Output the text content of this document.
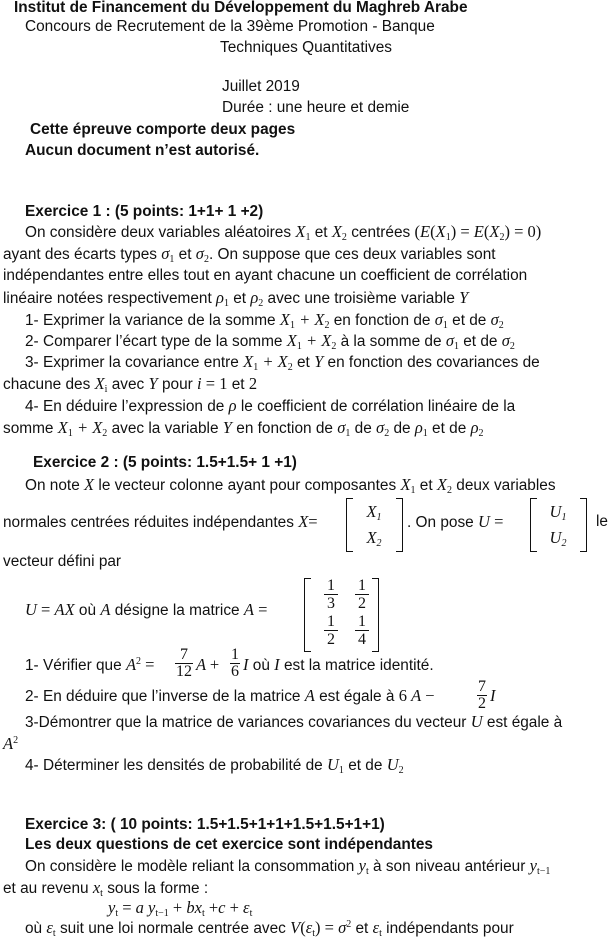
Institut de Financement du Développement du Maghreb Arabe
Concours de Recrutement de la 39ème Promotion - Banque
Techniques Quantitatives
Juillet 2019
Durée : une heure et demie
Cette épreuve comporte deux pages
Aucun document n’est autorisé.
Exercice 1 : (5 points: 1+1+ 1 +2)
On considère deux variables aléatoires $X_1$ et $X_2$ centrées $(E(X_1) = E(X_2) = 0)$
ayant des écarts types $\sigma_1$ et $\sigma_2$. On suppose que ces deux variables sont
indépendantes entre elles tout en ayant chacune un coefficient de corrélation
linéaire notées respectivement $\rho_1$ et $\rho_2$ avec une troisième variable Y
1- Exprimer la variance de la somme $X_1 + X_2$ en fonction de $\sigma_1$ et de $\sigma_2$
2- Comparer l’écart type de la somme $X_1 + X_2$ à la somme de $\sigma_1$ et de $\sigma_2$
3- Exprimer la covariance entre $X_1 + X_2$ et Y en fonction des covariances de
chacune des $X_i$ avec Y pour i = 1 et 2
4- En déduire l’expression de ρ le coefficient de corrélation linéaire de la
somme $X_1 + X_2$ avec la variable Y en fonction de $\sigma_1$ de $\sigma_2$ de $\rho_1$ et de $\rho_2$
Exercice 2 : (5 points: 1.5+1.5+ 1 +1)
On note X le vecteur colonne ayant pour composantes $X_1$ et $X_2$ deux variables
normales centrées réduites indépendantes X=
$X_1$
$X_2$
. On pose U =
$U_1$
$U_2$
le
vecteur défini par
U = AX où A désigne la matrice A =
1
3
1
2
1
2
1
4
1- Vérifier que $A^2$ =
7
12 A +
1
6 I où I est la matrice identité.
2- En déduire que l’inverse de la matrice A est égale à 6 A −	7
2 I
3-Démontrer que la matrice de variances covariances du vecteur U est égale à
$A^2$
4- Déterminer les densités de probabilité de $U_1$ et de $U_2$
Exercice 3: ( 10 points: 1.5+1.5+1+1+1.5+1.5+1+1)
Les deux questions de cet exercice sont indépendantes
On considère le modèle reliant la consommation $y_t$ à son niveau antérieur $y_{t-1}$
et au revenu $x_t$ sous la forme :
$y_t = a$ $y_{t-1} + bx_t +c + \varepsilon_t$
où $\varepsilon_t$ suit une loi normale centrée avec $V(\varepsilon_t) = \sigma^2$ et $\varepsilon_t$ indépendants pour
